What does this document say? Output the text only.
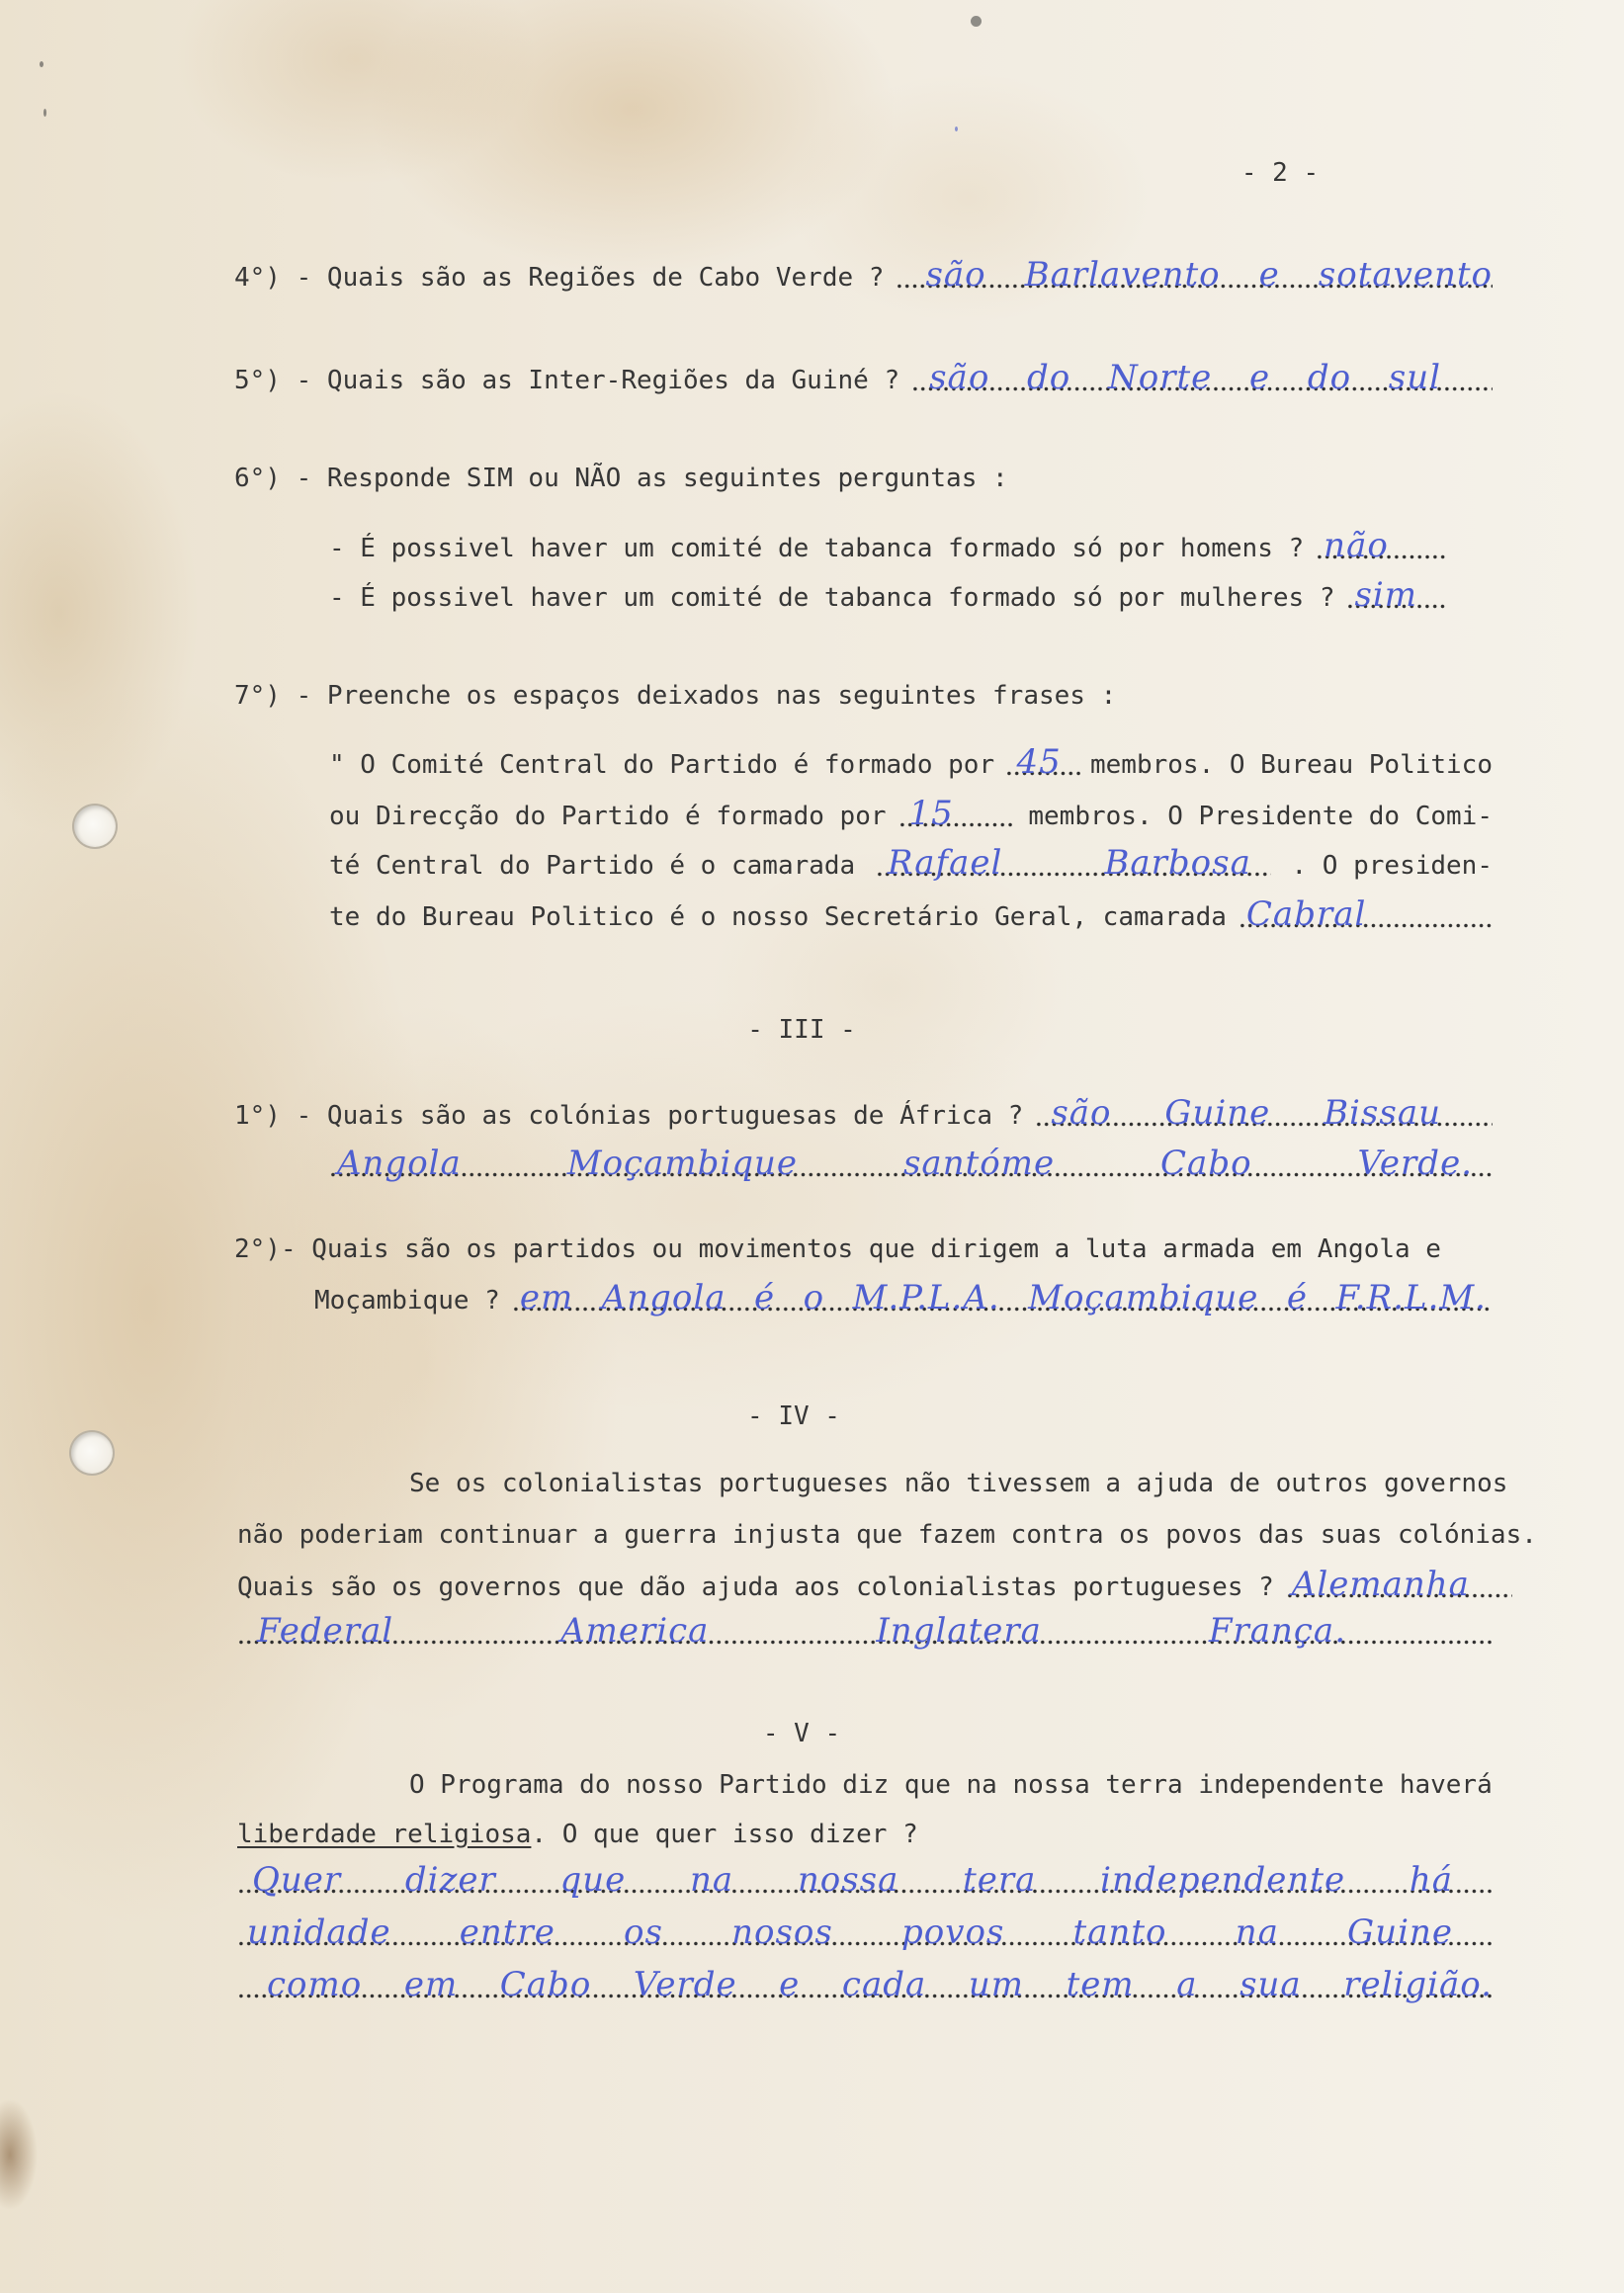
- 2 -
4°) - Quais são as Regiões de Cabo Verde ?	são Barlavento e sotavento
5°) - Quais são as Inter-Regiões da Guiné ? são do Norte e do sul
6°) - Responde SIM ou NÃO as seguintes perguntas :
- É possivel haver um comité de tabanca formado só por homens ? não
- É possivel haver um comité de tabanca formado só por mulheres ? sim
7°) - Preenche os espaços deixados nas seguintes frases :
" O Comité Central do Partido é formado por 45	membros. O Bureau Politico
ou Direcção do Partido é formado por 15	membros. O Presidente do Comi-
té Central do Partido é o camarada Rafael Barbosa	. O presiden-
te do Bureau Politico é o nosso Secretário Geral, camarada Cabral
- III -
1°) - Quais são as colónias portuguesas de África ? são Guine Bissau
Angola Moçambique santóme Cabo Verde.
2°)- Quais são os partidos ou movimentos que dirigem a luta armada em Angola e
Moçambique ? em Angola é o M.P.L.A. Moçambique é F.R.L.M.
- IV -
Se os colonialistas portugueses não tivessem a ajuda de outros governos
não poderiam continuar a guerra injusta que fazem contra os povos das suas colónias.
Quais são os governos que dão ajuda aos colonialistas portugueses ? Alemanha
Federal America Inglatera França.
- V -
O Programa do nosso Partido diz que na nossa terra independente haverá
liberdade religiosa. O que quer isso dizer ?
Quer dizer que na nossa tera independente há
unidade entre os nosos povos tanto na Guine
como em Cabo Verde e cada um tem a sua religião.
